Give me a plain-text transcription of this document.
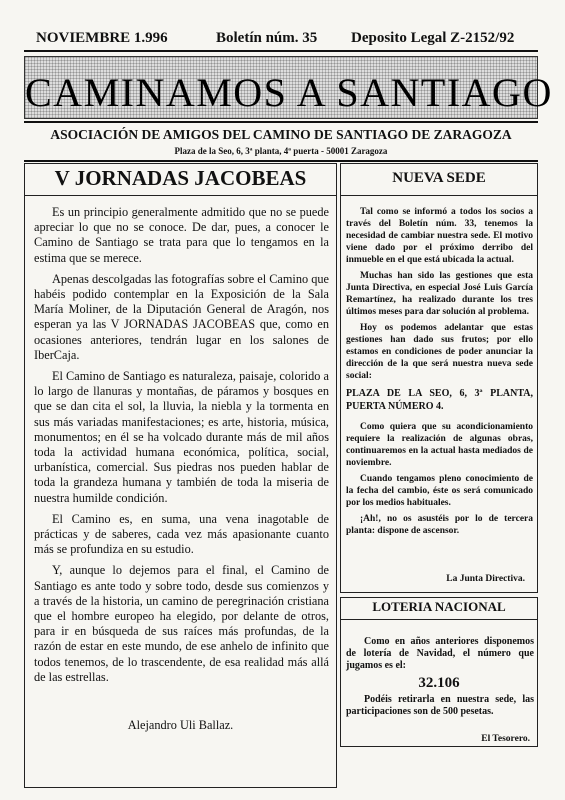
NOVIEMBRE 1.996	Boletín núm. 35 Deposito Legal Z-2152/92
CAMINAMOS A SANTIAGO
ASOCIACIÓN DE AMIGOS DEL CAMINO DE SANTIAGO DE ZARAGOZA
Plaza de la Seo, 6, 3ª planta, 4ª puerta - 50001 Zaragoza
V JORNADAS JACOBEAS

Es un principio generalmente admitido que no se puede apreciar lo que no se conoce. De dar, pues, a conocer le Camino de Santiago se trata para que lo tengamos en la estima que se merece.

Apenas descolgadas las fotografías sobre el Camino que habéis podido contemplar en la Exposición de la Sala María Moliner, de la Diputación General de Aragón, nos esperan ya las V JORNADAS JACOBEAS que, como en ocasiones anteriores, tendrán lugar en los salones de IberCaja.

El Camino de Santiago es naturaleza, paisaje, colorido a lo largo de llanuras y montañas, de páramos y bosques en que se dan cita el sol, la lluvia, la niebla y la tormenta en sus más variadas manifestaciones; es arte, historia, música, monumentos; en él se ha volcado durante más de mil años toda la actividad humana económica, política, social, urbanística, comercial. Sus piedras nos pueden hablar de toda la grandeza humana y también de toda la miseria de nuestra humilde condición.

El Camino es, en suma, una vena inagotable de prácticas y de saberes, cada vez más apasionante cuanto más se profundiza en su estudio.

Y, aunque lo dejemos para el final, el Camino de Santiago es ante todo y sobre todo, desde sus comienzos y a través de la historia, un camino de peregrinación cristiana que el hombre europeo ha elegido, por delante de otros, para ir en búsqueda de sus raíces más profundas, de la razón de estar en este mundo, de ese anhelo de infinito que todos tenemos, de lo trascendente, de esa realidad más allá de las estrellas.

Alejandro Uli Ballaz.
NUEVA SEDE

Tal como se informó a todos los socios a través del Boletín núm. 33, tenemos la necesidad de cambiar nuestra sede. El motivo viene dado por el próximo derribo del inmueble en el que está ubicada la actual.

Muchas han sido las gestiones que esta Junta Directiva, en especial José Luis García Remartínez, ha realizado durante los tres últimos meses para dar solución al problema.

Hoy os podemos adelantar que estas gestiones han dado sus frutos; por ello estamos en condiciones de poder anunciar la dirección de la que será nuestra nueva sede social:

PLAZA DE LA SEO, 6, 3ª PLANTA, PUERTA NÚMERO 4.

Como quiera que su acondicionamiento requiere la realización de algunas obras, continuaremos en la actual hasta mediados de noviembre.

Cuando tengamos pleno conocimiento de la fecha del cambio, éste os será comunicado por los medios habituales.

¡Ah!, no os asustéis por lo de tercera planta: dispone de ascensor.

La Junta Directiva.
LOTERIA NACIONAL

Como en años anteriores disponemos de lotería de Navidad, el número que jugamos es el:

32.106

Podéis retirarla en nuestra sede, las participaciones son de 500 pesetas.

El Tesorero.
